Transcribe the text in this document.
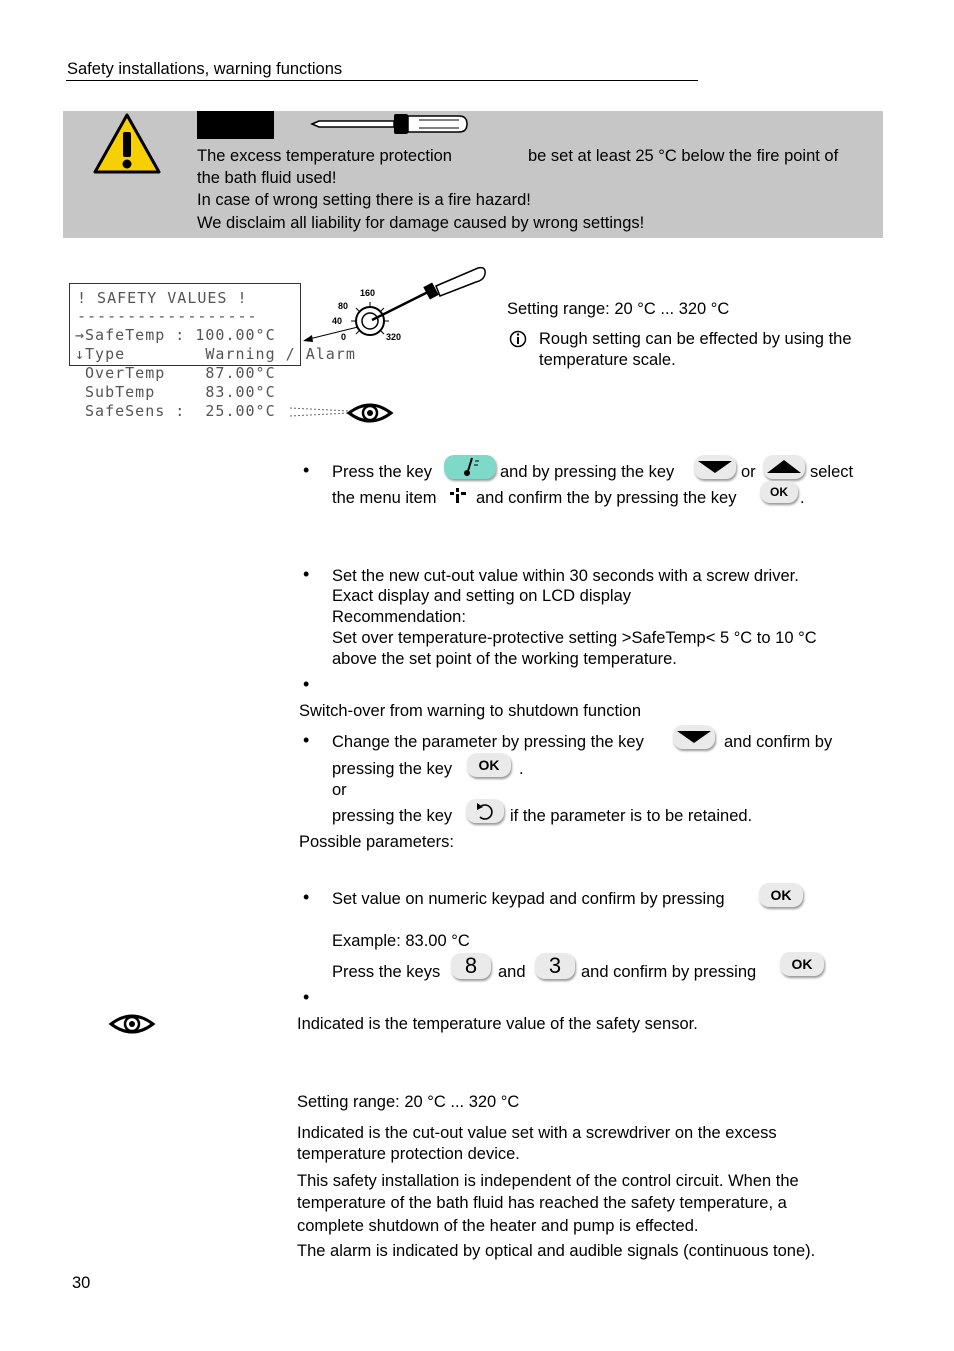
Safety installations, warning functions
The excess temperature protection	be set at least 25 °C below the fire point of
the bath fluid used!
In case of wrong setting there is a fire hazard!
We disclaim all liability for damage caused by wrong settings!
! SAFETY VALUES !
------------------
→SafeTemp : 100.00°C
↓Type        Warning / Alarm
OverTemp    87.00°C
SubTemp     83.00°C
SafeSens :  25.00°C
160
80
40
0	320
Setting range: 20 °C ... 320 °C
Rough setting can be effected by using the
temperature scale.
• Press the key	and by pressing the key	or	select
the menu item and confirm the by pressing the key	OK .
• Set the new cut-out value within 30 seconds with a screw driver.
Exact display and setting on LCD display
Recommendation:
Set over temperature-protective setting >SafeTemp< 5 °C to 10 °C
above the set point of the working temperature.
•
Switch-over from warning to shutdown function
• Change the parameter by pressing the key	and confirm by
pressing the key	OK	.
or
pressing the key	if the parameter is to be retained.
Possible parameters:
• Set value on numeric keypad and confirm by pressing	OK
Example: 83.00 °C
Press the keys	8	and	3	and confirm by pressing	OK
•
Indicated is the temperature value of the safety sensor.
Setting range: 20 °C ... 320 °C
Indicated is the cut-out value set with a screwdriver on the excess
temperature protection device.
This safety installation is independent of the control circuit. When the
temperature of the bath fluid has reached the safety temperature, a
complete shutdown of the heater and pump is effected.
The alarm is indicated by optical and audible signals (continuous tone).
30
